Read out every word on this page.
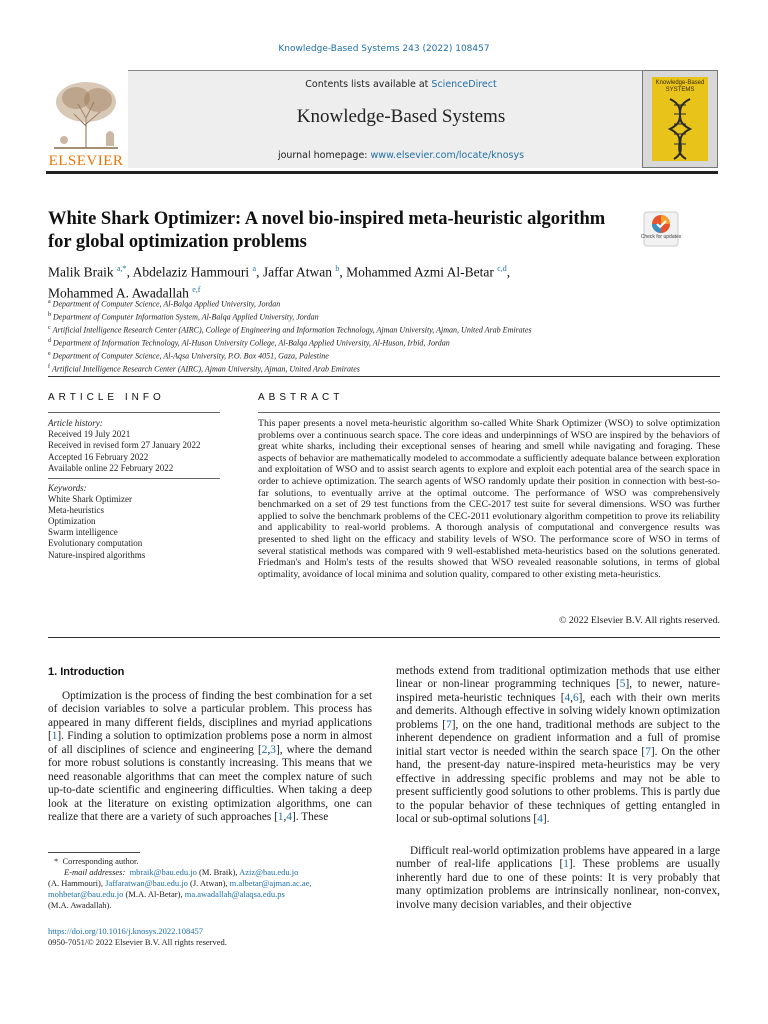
Knowledge-Based Systems 243 (2022) 108457
ELSEVIER
Contents lists available at ScienceDirect
Knowledge-Based Systems
journal homepage: www.elsevier.com/locate/knosys
Knowledge-Based SYSTEMS
White Shark Optimizer: A novel bio-inspired meta-heuristic algorithm for global optimization problems	Check for updates
Malik Braik $^{a,*}$, Abdelaziz Hammouri $^a$, Jaffar Atwan $^b$, Mohammed Azmi Al-Betar $^{c,d}$,
Mohammed A. Awadallah $^{e,f}$
$^a$ Department of Computer Science, Al-Balqa Applied University, Jordan
$^b$ Department of Computer Information System, Al-Balqa Applied University, Jordan
$^c$ Artificial Intelligence Research Center (AIRC), College of Engineering and Information Technology, Ajman University, Ajman, United Arab Emirates
$^d$ Department of Information Technology, Al-Huson University College, Al-Balqa Applied University, Al-Huson, Irbid, Jordan
$^e$ Department of Computer Science, Al-Aqsa University, P.O. Box 4051, Gaza, Palestine
$^f$ Artificial Intelligence Research Center (AIRC), Ajman University, Ajman, United Arab Emirates
ARTICLE INFO	ABSTRACT
Article history:
Received 19 July 2021
Received in revised form 27 January 2022
Accepted 16 February 2022
Available online 22 February 2022
Keywords:
White Shark Optimizer
Meta-heuristics
Optimization
Swarm intelligence
Evolutionary computation
Nature-inspired algorithms

This paper presents a novel meta-heuristic algorithm so-called White Shark Optimizer (WSO) to solve optimization problems over a continuous search space. The core ideas and underpinnings of WSO are inspired by the behaviors of great white sharks, including their exceptional senses of hearing and smell while navigating and foraging. These aspects of behavior are mathematically modeled to accommodate a sufficiently adequate balance between exploration and exploitation of WSO and to assist search agents to explore and exploit each potential area of the search space in order to achieve optimization. The search agents of WSO randomly update their position in connection with best-so-far solutions, to eventually arrive at the optimal outcome. The performance of WSO was comprehensively benchmarked on a set of 29 test functions from the CEC-2017 test suite for several dimensions. WSO was further applied to solve the benchmark problems of the CEC-2011 evolutionary algorithm competition to prove its reliability and applicability to real-world problems. A thorough analysis of computational and convergence results was presented to shed light on the efficacy and stability levels of WSO. The performance score of WSO in terms of several statistical methods was compared with 9 well-established meta-heuristics based on the solutions generated. Friedman's and Holm's tests of the results showed that WSO revealed reasonable solutions, in terms of global optimality, avoidance of local minima and solution quality, compared to other existing meta-heuristics.

© 2022 Elsevier B.V. All rights reserved.
1. Introduction

Optimization is the process of finding the best combination for a set of decision variables to solve a particular problem. This process has appeared in many different fields, disciplines and myriad applications [1]. Finding a solution to optimization problems pose a norm in almost of all disciplines of science and engineering [2,3], where the demand for more robust solutions is constantly increasing. This means that we need reasonable algorithms that can meet the complex nature of such up-to-date scientific and engineering difficulties. When taking a deep look at the literature on existing optimization algorithms, one can realize that there are a variety of such approaches [1,4]. These

methods extend from traditional optimization methods that use either linear or non-linear programming techniques [5], to newer, nature-inspired meta-heuristic techniques [4,6], each with their own merits and demerits. Although effective in solving widely known optimization problems [7], on the one hand, traditional methods are subject to the inherent dependence on gradient information and a full of promise initial start vector is needed within the search space [7]. On the other hand, the present-day nature-inspired meta-heuristics may be very effective in addressing specific problems and may not be able to present sufficiently good solutions to other problems. This is partly due to the popular behavior of these techniques of getting entangled in local or sub-optimal solutions [4].

Difficult real-world optimization problems have appeared in a large number of real-life applications [1]. These problems are usually inherently hard due to one of these points: It is very probably that many optimization problems are intrinsically nonlinear, non-convex, involve many decision variables, and their objective

*  Corresponding author.
E-mail addresses: mbraik@bau.edu.jo (M. Braik), Aziz@bau.edu.jo
(A. Hammouri), Jaffaratwan@bau.edu.jo (J. Atwan), m.albetar@ajman.ac.ae,
mohbetar@bau.edu.jo (M.A. Al-Betar), ma.awadallah@alaqsa.edu.ps
(M.A. Awadallah).
https://doi.org/10.1016/j.knosys.2022.108457
0950-7051/© 2022 Elsevier B.V. All rights reserved.
